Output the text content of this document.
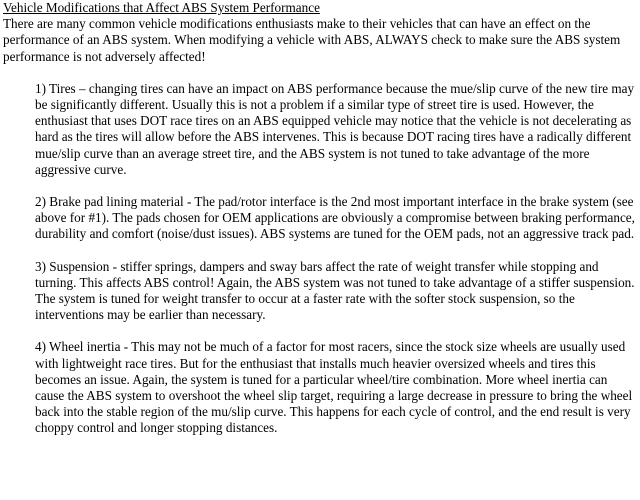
Vehicle Modifications that Affect ABS System Performance

There are many common vehicle modifications enthusiasts make to their vehicles that can have an effect on the performance of an ABS system. When modifying a vehicle with ABS, ALWAYS check to make sure the ABS system performance is not adversely affected!

1) Tires – changing tires can have an impact on ABS performance because the mue/slip curve of the new tire may be significantly different. Usually this is not a problem if a similar type of street tire is used. However, the enthusiast that uses DOT race tires on an ABS equipped vehicle may notice that the vehicle is not decelerating as hard as the tires will allow before the ABS intervenes. This is because DOT racing tires have a radically different mue/slip curve than an average street tire, and the ABS system is not tuned to take advantage of the more aggressive curve.

2) Brake pad lining material - The pad/rotor interface is the 2nd most important interface in the brake system (see above for #1). The pads chosen for OEM applications are obviously a compromise between braking performance, durability and comfort (noise/dust issues). ABS systems are tuned for the OEM pads, not an aggressive track pad.

3) Suspension - stiffer springs, dampers and sway bars affect the rate of weight transfer while stopping and turning. This affects ABS control! Again, the ABS system was not tuned to take advantage of a stiffer suspension. The system is tuned for weight transfer to occur at a faster rate with the softer stock suspension, so the interventions may be earlier than necessary.

4) Wheel inertia - This may not be much of a factor for most racers, since the stock size wheels are usually used with lightweight race tires. But for the enthusiast that installs much heavier oversized wheels and tires this becomes an issue. Again, the system is tuned for a particular wheel/tire combination. More wheel inertia can cause the ABS system to overshoot the wheel slip target, requiring a large decrease in pressure to bring the wheel back into the stable region of the mu/slip curve. This happens for each cycle of control, and the end result is very choppy control and longer stopping distances.
